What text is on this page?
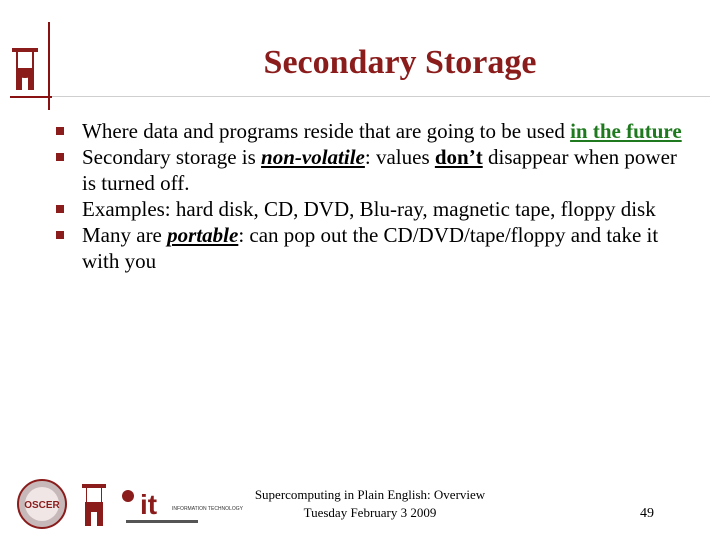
Secondary Storage
Where data and programs reside that are going to be used in the future
Secondary storage is non-volatile: values don’t disappear when power is turned off.
Examples: hard disk, CD, DVD, Blu-ray, magnetic tape, floppy disk
Many are portable: can pop out the CD/DVD/tape/floppy and take it with you
OSCER	it	INFORMATION TECHNOLOGY
Supercomputing in Plain English: Overview
Tuesday February 3 2009	49
